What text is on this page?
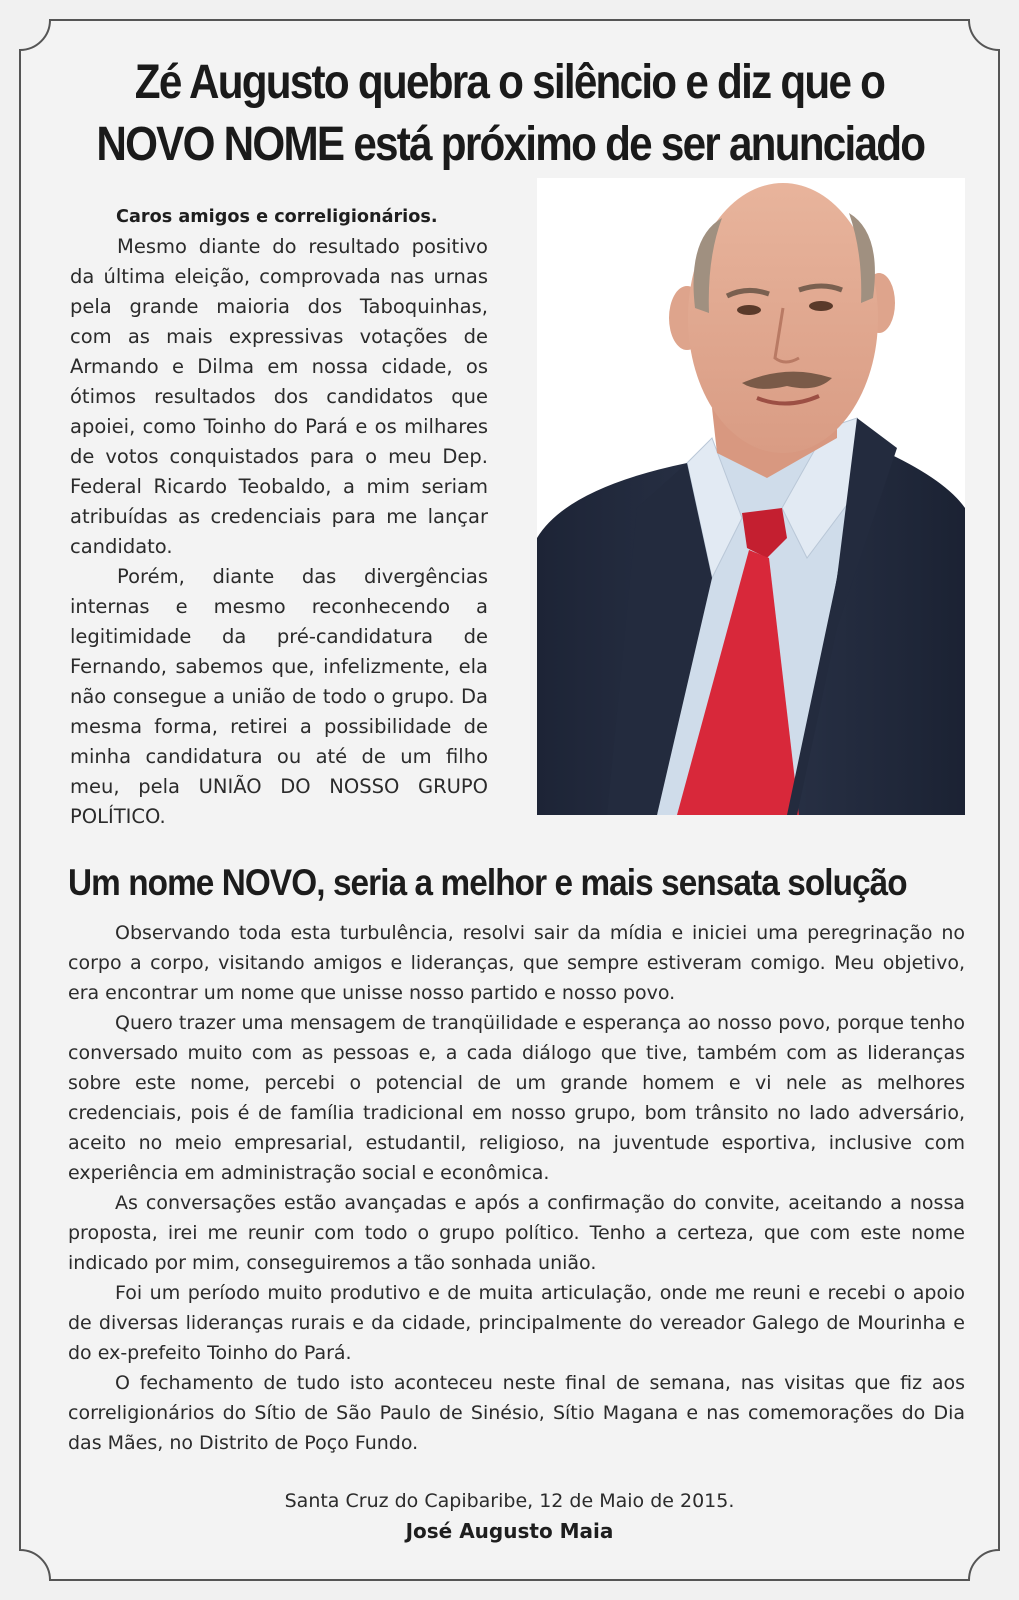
Zé Augusto quebra o silêncio e diz que o
NOVO NOME está próximo de ser anunciado

Caros amigos e correligionários.

Mesmo diante do resultado positivo da última eleição, comprovada nas urnas pela grande maioria dos Taboquinhas, com as mais expressivas votações de Armando e Dilma em nossa cidade, os ótimos resultados dos candidatos que apoiei, como Toinho do Pará e os milhares de votos conquistados para o meu Dep. Federal Ricardo Teobaldo, a mim seriam atribuídas as credenciais para me lançar candidato.

Porém, diante das divergências internas e mesmo reconhecendo a legitimidade da pré-candidatura de Fernando, sabemos que, infelizmente, ela não consegue a união de todo o grupo. Da mesma forma, retirei a possibilidade de minha candidatura ou até de um filho meu, pela UNIÃO DO NOSSO GRUPO POLÍTICO.

Um nome NOVO, seria a melhor e mais sensata solução

Observando toda esta turbulência, resolvi sair da mídia e iniciei uma peregrinação no corpo a corpo, visitando amigos e lideranças, que sempre estiveram comigo. Meu objetivo, era encontrar um nome que unisse nosso partido e nosso povo.

Quero trazer uma mensagem de tranqüilidade e esperança ao nosso povo, porque tenho conversado muito com as pessoas e, a cada diálogo que tive, também com as lideranças sobre este nome, percebi o potencial de um grande homem e vi nele as melhores credenciais, pois é de família tradicional em nosso grupo, bom trânsito no lado adversário, aceito no meio empresarial, estudantil, religioso, na juventude esportiva, inclusive com experiência em administração social e econômica.

As conversações estão avançadas e após a confirmação do convite, aceitando a nossa proposta, irei me reunir com todo o grupo político. Tenho a certeza, que com este nome indicado por mim, conseguiremos a tão sonhada união.

Foi um período muito produtivo e de muita articulação, onde me reuni e recebi o apoio de diversas lideranças rurais e da cidade, principalmente do vereador Galego de Mourinha e do ex-prefeito Toinho do Pará.

O fechamento de tudo isto aconteceu neste final de semana, nas visitas que fiz aos correligionários do Sítio de São Paulo de Sinésio, Sítio Magana e nas comemorações do Dia das Mães, no Distrito de Poço Fundo.

Santa Cruz do Capibaribe, 12 de Maio de 2015.
José Augusto Maia
